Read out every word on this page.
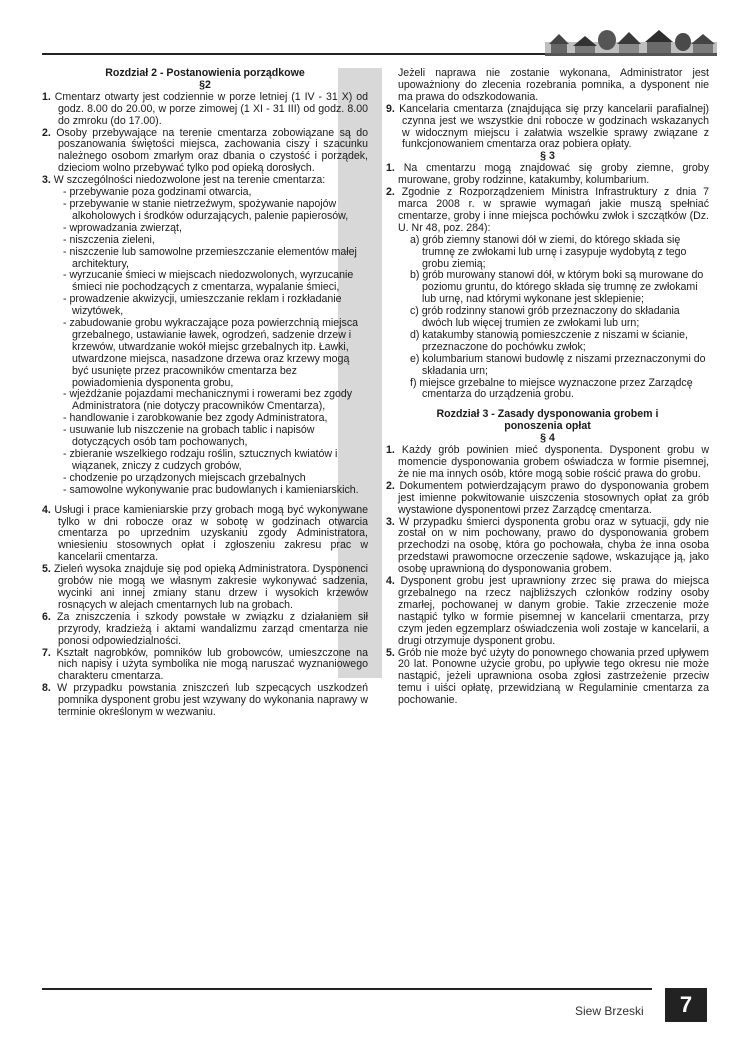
Rozdział 2 - Postanowienia porządkowe

§2

1. Cmentarz otwarty jest codziennie w porze letniej (1 IV - 31 X) od godz. 8.00 do 20.00, w porze zimowej (1 XI - 31 III) od godz. 8.00 do zmroku (do 17.00).

2. Osoby przebywające na terenie cmentarza zobowiązane są do poszanowania świętości miejsca, zachowania ciszy i szacunku należnego osobom zmarłym oraz dbania o czystość i porządek, dzieciom wolno przebywać tylko pod opieką dorosłych.

3. W szczególności niedozwolone jest na terenie cmentarza:

- przebywanie poza godzinami otwarcia,

- przebywanie w stanie nietrzeźwym, spożywanie napojów alkoholowych i środków odurzających, palenie papierosów,

- wprowadzania zwierząt,

- niszczenia zieleni,

- niszczenie lub samowolne przemieszczanie elementów małej architektury,

- wyrzucanie śmieci w miejscach niedozwolonych, wyrzucanie śmieci nie pochodzących z cmentarza, wypalanie śmieci,

- prowadzenie akwizycji, umieszczanie reklam i rozkładanie wizytówek,

- zabudowanie grobu wykraczające poza powierzchnią miejsca grzebalnego, ustawianie ławek, ogrodzeń, sadzenie drzew i krzewów, utwardzanie wokół miejsc grzebalnych itp. Ławki, utwardzone miejsca, nasadzone drzewa oraz krzewy mogą być usunięte przez pracowników cmentarza bez powiadomienia dysponenta grobu,

- wjeżdżanie pojazdami mechanicznymi i rowerami bez zgody Administratora (nie dotyczy pracowników Cmentarza),

- handlowanie i zarobkowanie bez zgody Administratora,

- usuwanie lub niszczenie na grobach tablic i napisów dotyczących osób tam pochowanych,

- zbieranie wszelkiego rodzaju roślin, sztucznych kwiatów i wiązanek, zniczy z cudzych grobów,

- chodzenie po urządzonych miejscach grzebalnych

- samowolne wykonywanie prac budowlanych i kamieniarskich.

4. Usługi i prace kamieniarskie przy grobach mogą być wykonywane tylko w dni robocze oraz w sobotę w godzinach otwarcia cmentarza po uprzednim uzyskaniu zgody Administratora, wniesieniu stosownych opłat i zgłoszeniu zakresu prac w kancelarii cmentarza.

5. Zieleń wysoka znajduje się pod opieką Administratora. Dysponenci grobów nie mogą we własnym zakresie wykonywać sadzenia, wycinki ani innej zmiany stanu drzew i wysokich krzewów rosnących w alejach cmentarnych lub na grobach.

6. Za zniszczenia i szkody powstałe w związku z działaniem sił przyrody, kradzieżą i aktami wandalizmu zarząd cmentarza nie ponosi odpowiedzialności.

7. Kształt nagrobków, pomników lub grobowców, umieszczone na nich napisy i użyta symbolika nie mogą naruszać wyznaniowego charakteru cmentarza.

8. W przypadku powstania zniszczeń lub szpecących uszkodzeń pomnika dysponent grobu jest wzywany do wykonania naprawy w terminie określonym w wezwaniu.

Jeżeli naprawa nie zostanie wykonana, Administrator jest upoważniony do zlecenia rozebrania pomnika, a dysponent nie ma prawa do odszkodowania.

9. Kancelaria cmentarza (znajdująca się przy kancelarii parafialnej) czynna jest we wszystkie dni robocze w godzinach wskazanych w widocznym miejscu i załatwia wszelkie sprawy związane z funkcjonowaniem cmentarza oraz pobiera opłaty.

§ 3

1. Na cmentarzu mogą znajdować się groby ziemne, groby murowane, groby rodzinne, katakumby, kolumbarium.

2. Zgodnie z Rozporządzeniem Ministra Infrastruktury z dnia 7 marca 2008 r. w sprawie wymagań jakie muszą spełniać cmentarze, groby i inne miejsca pochówku zwłok i szczątków (Dz. U. Nr 48, poz. 284):

a) grób ziemny stanowi dół w ziemi, do którego składa się trumnę ze zwłokami lub urnę i zasypuje wydobytą z tego grobu ziemią;

b) grób murowany stanowi dół, w którym boki są murowane do poziomu gruntu, do którego składa się trumnę ze zwłokami lub urnę, nad którymi wykonane jest sklepienie;

c) grób rodzinny stanowi grób przeznaczony do składania dwóch lub więcej trumien ze zwłokami lub urn;

d) katakumby stanowią pomieszczenie z niszami w ścianie, przeznaczone do pochówku zwłok;

e) kolumbarium stanowi budowlę z niszami przeznaczonymi do składania urn;

f) miejsce grzebalne to miejsce wyznaczone przez Zarządcę cmentarza do urządzenia grobu.

Rozdział 3 - Zasady dysponowania grobem i ponoszenia opłat

§ 4

1. Każdy grób powinien mieć dysponenta. Dysponent grobu w momencie dysponowania grobem oświadcza w formie pisemnej, że nie ma innych osób, które mogą sobie rościć prawa do grobu.

2. Dokumentem potwierdzającym prawo do dysponowania grobem jest imienne pokwitowanie uiszczenia stosownych opłat za grób wystawione dysponentowi przez Zarządcę cmentarza.

3. W przypadku śmierci dysponenta grobu oraz w sytuacji, gdy nie został on w nim pochowany, prawo do dysponowania grobem przechodzi na osobę, która go pochowała, chyba że inna osoba przedstawi prawomocne orzeczenie sądowe, wskazujące ją, jako osobę uprawnioną do dysponowania grobem.

4. Dysponent grobu jest uprawniony zrzec się prawa do miejsca grzebalnego na rzecz najbliższych członków rodziny osoby zmarłej, pochowanej w danym grobie. Takie zrzeczenie może nastąpić tylko w formie pisemnej w kancelarii cmentarza, przy czym jeden egzemplarz oświadczenia woli zostaje w kancelarii, a drugi otrzymuje dysponent grobu.

5. Grób nie może być użyty do ponownego chowania przed upływem 20 lat. Ponowne użycie grobu, po upływie tego okresu nie może nastąpić, jeżeli uprawniona osoba zgłosi zastrzeżenie przeciw temu i uiści opłatę, przewidzianą w Regulaminie cmentarza za pochowanie.

Siew Brzeski	7
